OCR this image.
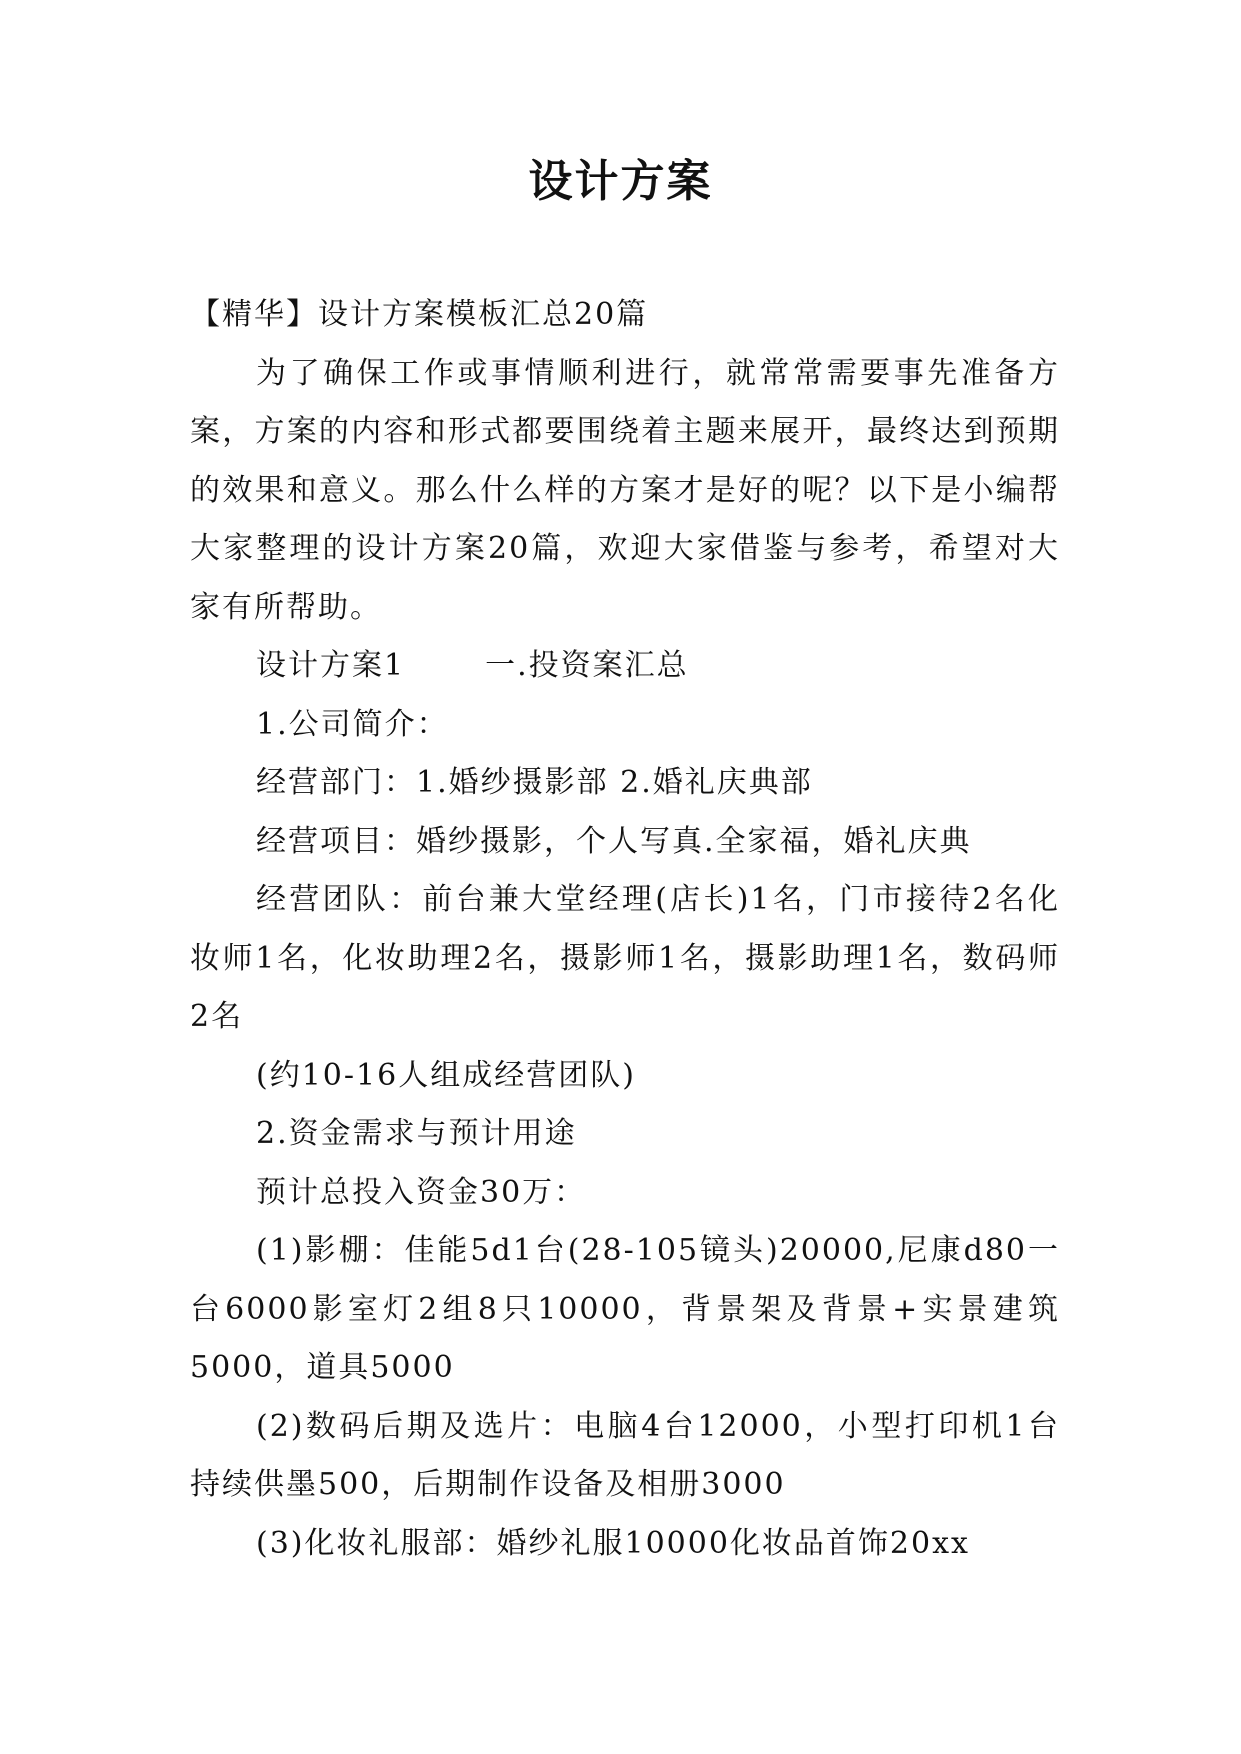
设计方案

【精华】设计方案模板汇总20篇

为了确保工作或事情顺利进行，就常常需要事先准备方案，方案的内容和形式都要围绕着主题来展开，最终达到预期的效果和意义。那么什么样的方案才是好的呢？以下是小编帮大家整理的设计方案20篇，欢迎大家借鉴与参考，希望对大家有所帮助。

设计方案1	一.投资案汇总

1.公司简介：

经营部门：1.婚纱摄影部 2.婚礼庆典部

经营项目：婚纱摄影，个人写真.全家福，婚礼庆典

经营团队：前台兼大堂经理(店长)1名，门市接待2名化妆师1名，化妆助理2名，摄影师1名，摄影助理1名，数码师2名

(约10-16人组成经营团队)

2.资金需求与预计用途

预计总投入资金30万：

(1)影棚：佳能5d1台(28-105镜头)20000,尼康d80一台6000影室灯2组8只10000，背景架及背景+实景建筑5000，道具5000

(2)数码后期及选片：电脑4台12000，小型打印机1台持续供墨500，后期制作设备及相册3000

(3)化妆礼服部：婚纱礼服10000化妆品首饰20xx
